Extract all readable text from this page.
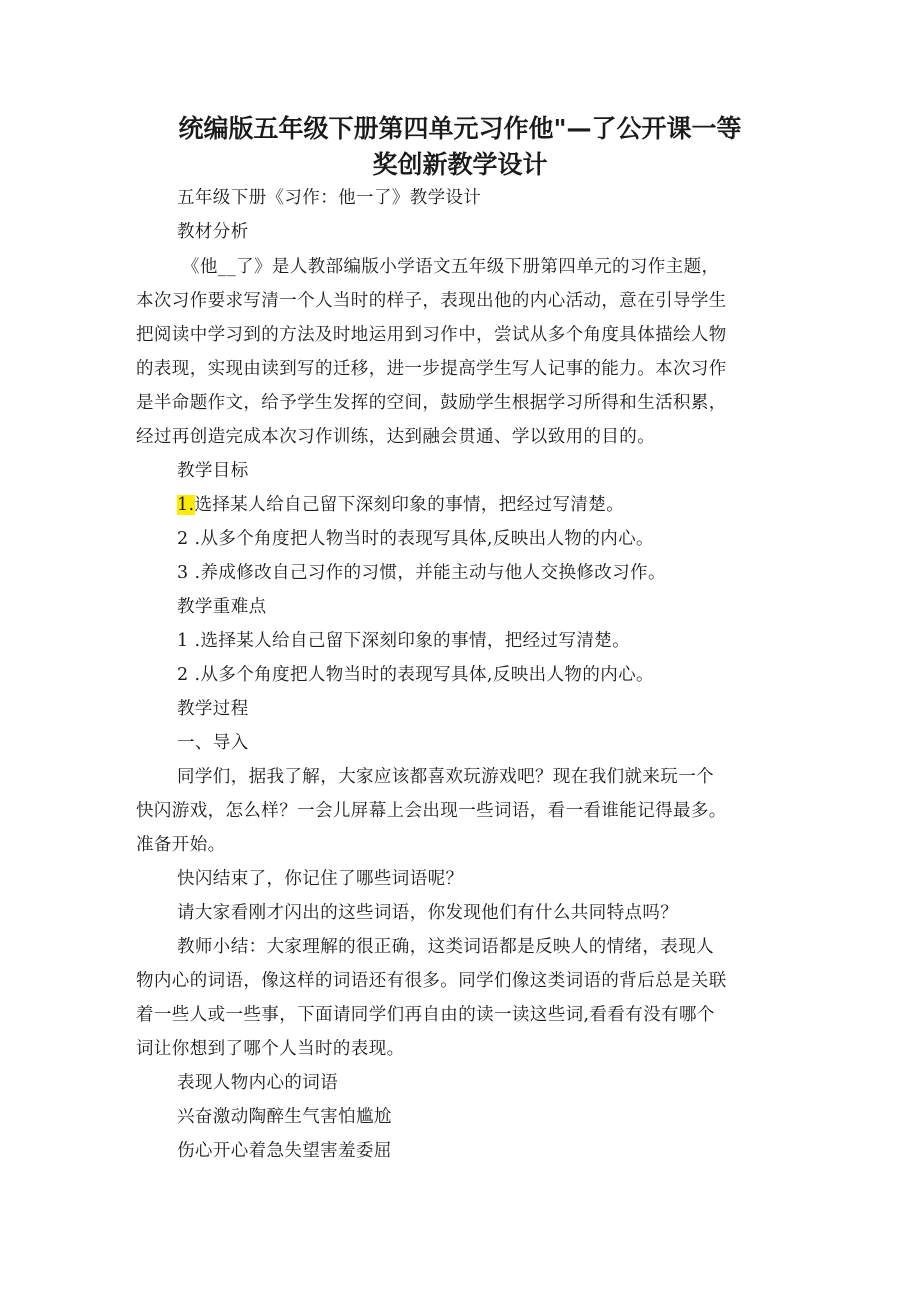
统编版五年级下册第四单元习作他"—了公开课一等
奖创新教学设计
五年级下册《习作：他一了》教学设计
教材分析
《他__了》是人教部编版小学语文五年级下册第四单元的习作主题，
本次习作要求写清一个人当时的样子，表现出他的内心活动，意在引导学生
把阅读中学习到的方法及时地运用到习作中，尝试从多个角度具体描绘人物
的表现，实现由读到写的迁移，进一步提高学生写人记事的能力。本次习作
是半命题作文，给予学生发挥的空间，鼓励学生根据学习所得和生活积累，
经过再创造完成本次习作训练，达到融会贯通、学以致用的目的。
教学目标
1.选择某人给自己留下深刻印象的事情，把经过写清楚。
2 .从多个角度把人物当时的表现写具体,反映出人物的内心。
3 .养成修改自己习作的习惯，并能主动与他人交换修改习作。
教学重难点
1 .选择某人给自己留下深刻印象的事情，把经过写清楚。
2 .从多个角度把人物当时的表现写具体,反映出人物的内心。
教学过程
一、导入
同学们，据我了解，大家应该都喜欢玩游戏吧？现在我们就来玩一个
快闪游戏，怎么样？一会儿屏幕上会出现一些词语，看一看谁能记得最多。
准备开始。
快闪结束了，你记住了哪些词语呢？
请大家看刚才闪出的这些词语，你发现他们有什么共同特点吗？
教师小结：大家理解的很正确，这类词语都是反映人的情绪，表现人
物内心的词语，像这样的词语还有很多。同学们像这类词语的背后总是关联
着一些人或一些事，下面请同学们再自由的读一读这些词,看看有没有哪个
词让你想到了哪个人当时的表现。
表现人物内心的词语
兴奋激动陶醉生气害怕尴尬
伤心开心着急失望害羞委屈
